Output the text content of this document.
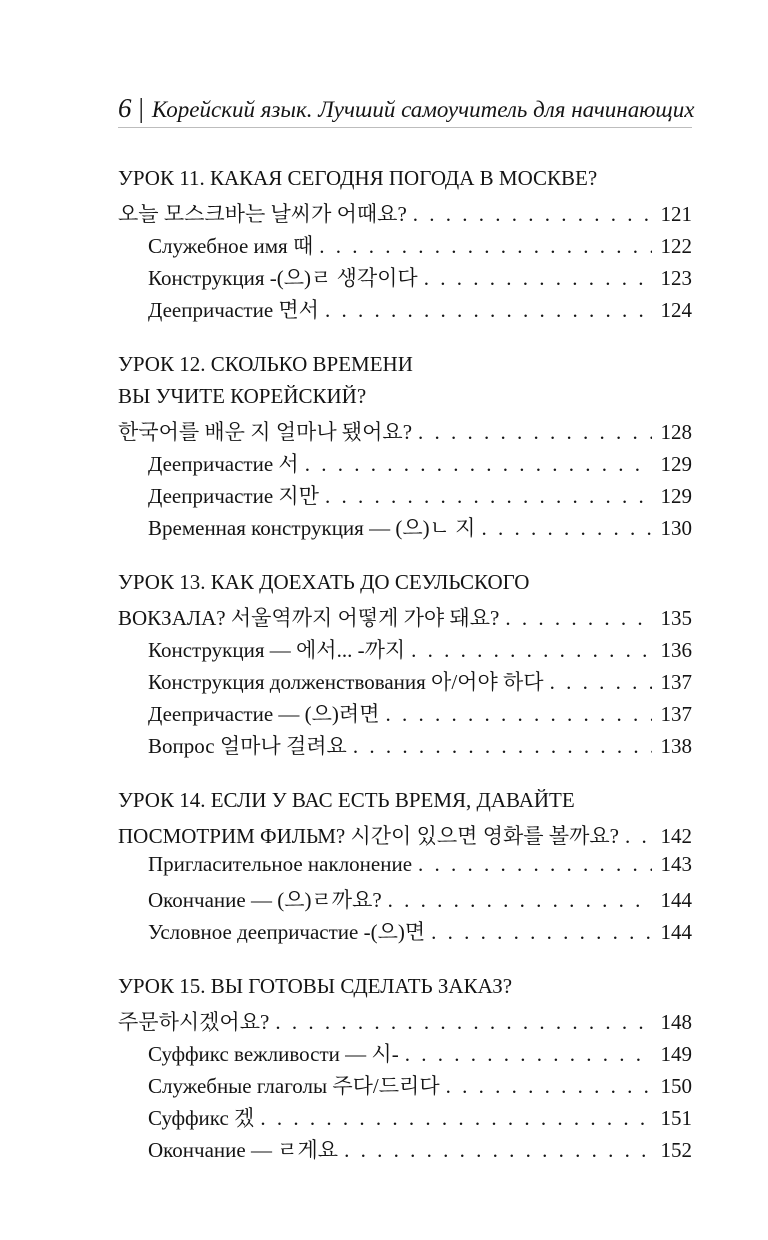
6 | Корейский язык. Лучший самоучитель для начинающих
УРОК 11. КАКАЯ СЕГОДНЯ ПОГОДА В МОСКВЕ?
오늘 모스크바는 날씨가 어때요? . . .	121
Служебное имя 때 . . .	122
Конструкция -(으)ㄹ 생각이다 . . .	123
Деепричастие 면서 . . .	124
УРОК 12. СКОЛЬКО ВРЕМЕНИ
ВЫ УЧИТЕ КОРЕЙСКИЙ?
한국어를 배운 지 얼마나 됐어요? . . .	128
Деепричастие 서 . . .	129
Деепричастие 지만 . . .	129
Временная конструкция — (으)ㄴ 지 . . .	130
УРОК 13. КАК ДОЕХАТЬ ДО СЕУЛЬСКОГО
ВОКЗАЛА? 서울역까지 어떻게 가야 돼요? . . .	135
Конструкция — 에서... -까지 . . .	136
Конструкция долженствования 아/어야 하다 . . .	137
Деепричастие — (으)려면 . . .	137
Вопрос 얼마나 걸려요 . . .	138
УРОК 14. ЕСЛИ У ВАС ЕСТЬ ВРЕМЯ, ДАВАЙТЕ
ПОСМОТРИМ ФИЛЬМ? 시간이 있으면 영화를 볼까요? . . . 142
Пригласительное наклонение . . .	143
Окончание — (으)ㄹ까요? . . .	144
Условное деепричастие -(으)면 . . .	144
УРОК 15. ВЫ ГОТОВЫ СДЕЛАТЬ ЗАКАЗ?
주문하시겠어요? . . .	148
Суффикс вежливости — 시- . . .	149
Служебные глаголы 주다/드리다 . . .	150
Суффикс 겠 . . .	151
Окончание — ㄹ게요 . . .	152
